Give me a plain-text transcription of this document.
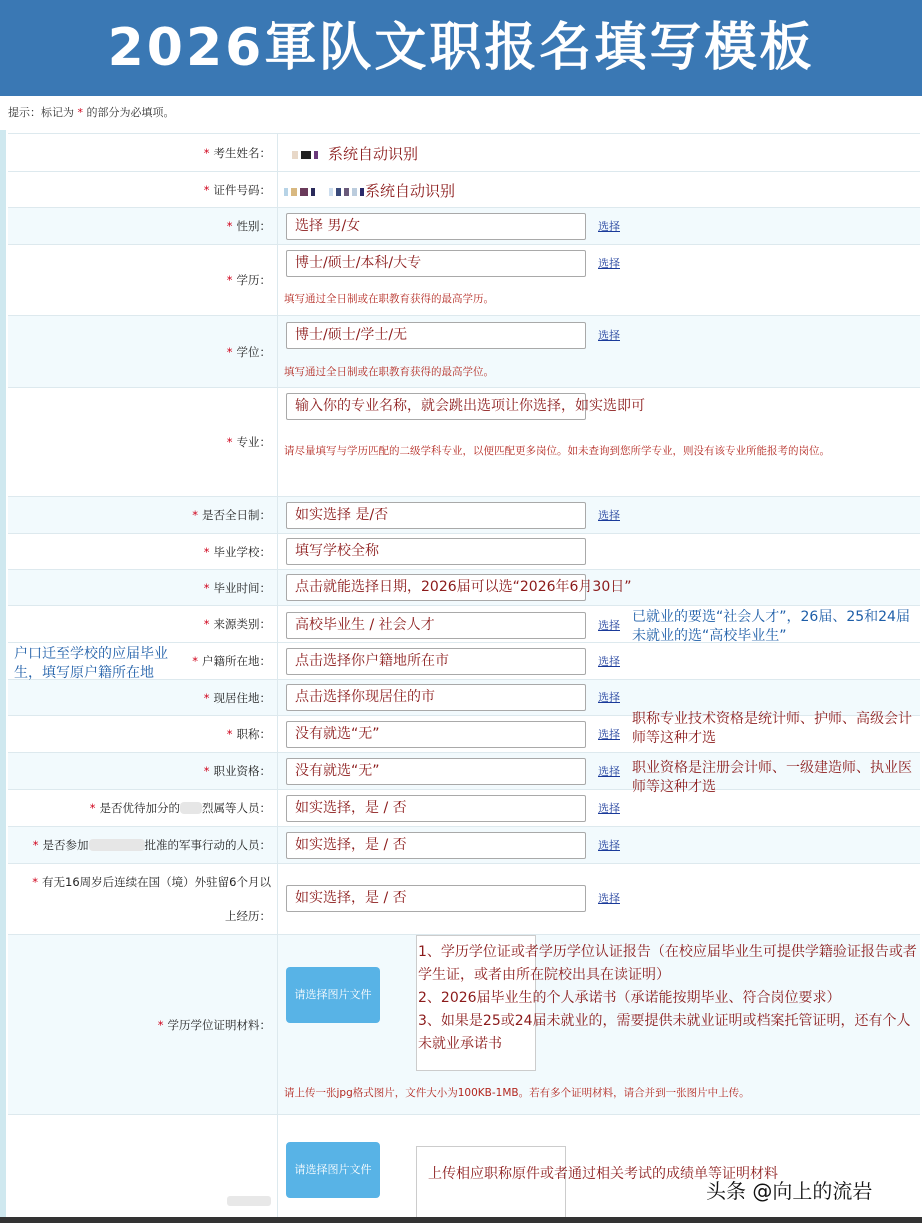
2026軍队文职报名填写模板
提示：标记为 * 的部分为必填项。
* 考生姓名：	系统自动识别
* 证件号码：	系统自动识别
* 性别：	选择 男/女	选择
* 学历：
博士/硕士/本科/大专	选择
填写通过全日制或在职教育获得的最高学历。
* 学位：
博士/硕士/学士/无	选择
填写通过全日制或在职教育获得的最高学位。
* 专业：
输入你的专业名称，就会跳出选项让你选择，如实选即可
请尽量填写与学历匹配的二级学科专业，以便匹配更多岗位。如未查询到您所学专业，则没有该专业所能报考的岗位。
* 是否全日制：	如实选择 是/否	选择
* 毕业学校：	填写学校全称
* 毕业时间：	点击就能选择日期，2026届可以选“2026年6月30日”
* 来源类别：	高校毕业生 / 社会人才	选择
* 户籍所在地：	点击选择你户籍地所在市	选择
* 现居住地：	点击选择你现居住的市	选择
* 职称：	没有就选“无”	选择
* 职业资格：	没有就选“无”	选择
* 是否优待加分的 烈属等人员：	如实选择，是 / 否	选择
* 是否参加	批准的军事行动的人员：	如实选择，是 / 否	选择
* 有无16周岁后连续在国（境）外驻留6个月以
上经历：
如实选择，是 / 否	选择
* 学历学位证明材料：
请选择图片文件
1、学历学位证或者学历学位认证报告（在校应届毕业生可提供学籍验证报告或者学生证，或者由所在院校出具在读证明）
2、2026届毕业生的个人承诺书（承诺能按期毕业、符合岗位要求）
3、如果是25或24届未就业的，需要提供未就业证明或档案托管证明，还有个人未就业承诺书
请上传一张jpg格式图片，文件大小为100KB-1MB。若有多个证明材料，请合并到一张图片中上传。
请选择图片文件	上传相应职称原件或者通过相关考试的成绩单等证明材料
户口迁至学校的应届毕业生，填写原户籍所在地
已就业的要选“社会人才”，26届、25和24届未就业的选“高校毕业生”
职称专业技术资格是统计师、护师、高级会计师等这种才选
职业资格是注册会计师、一级建造师、执业医师等这种才选
头条 @向上的流岩
